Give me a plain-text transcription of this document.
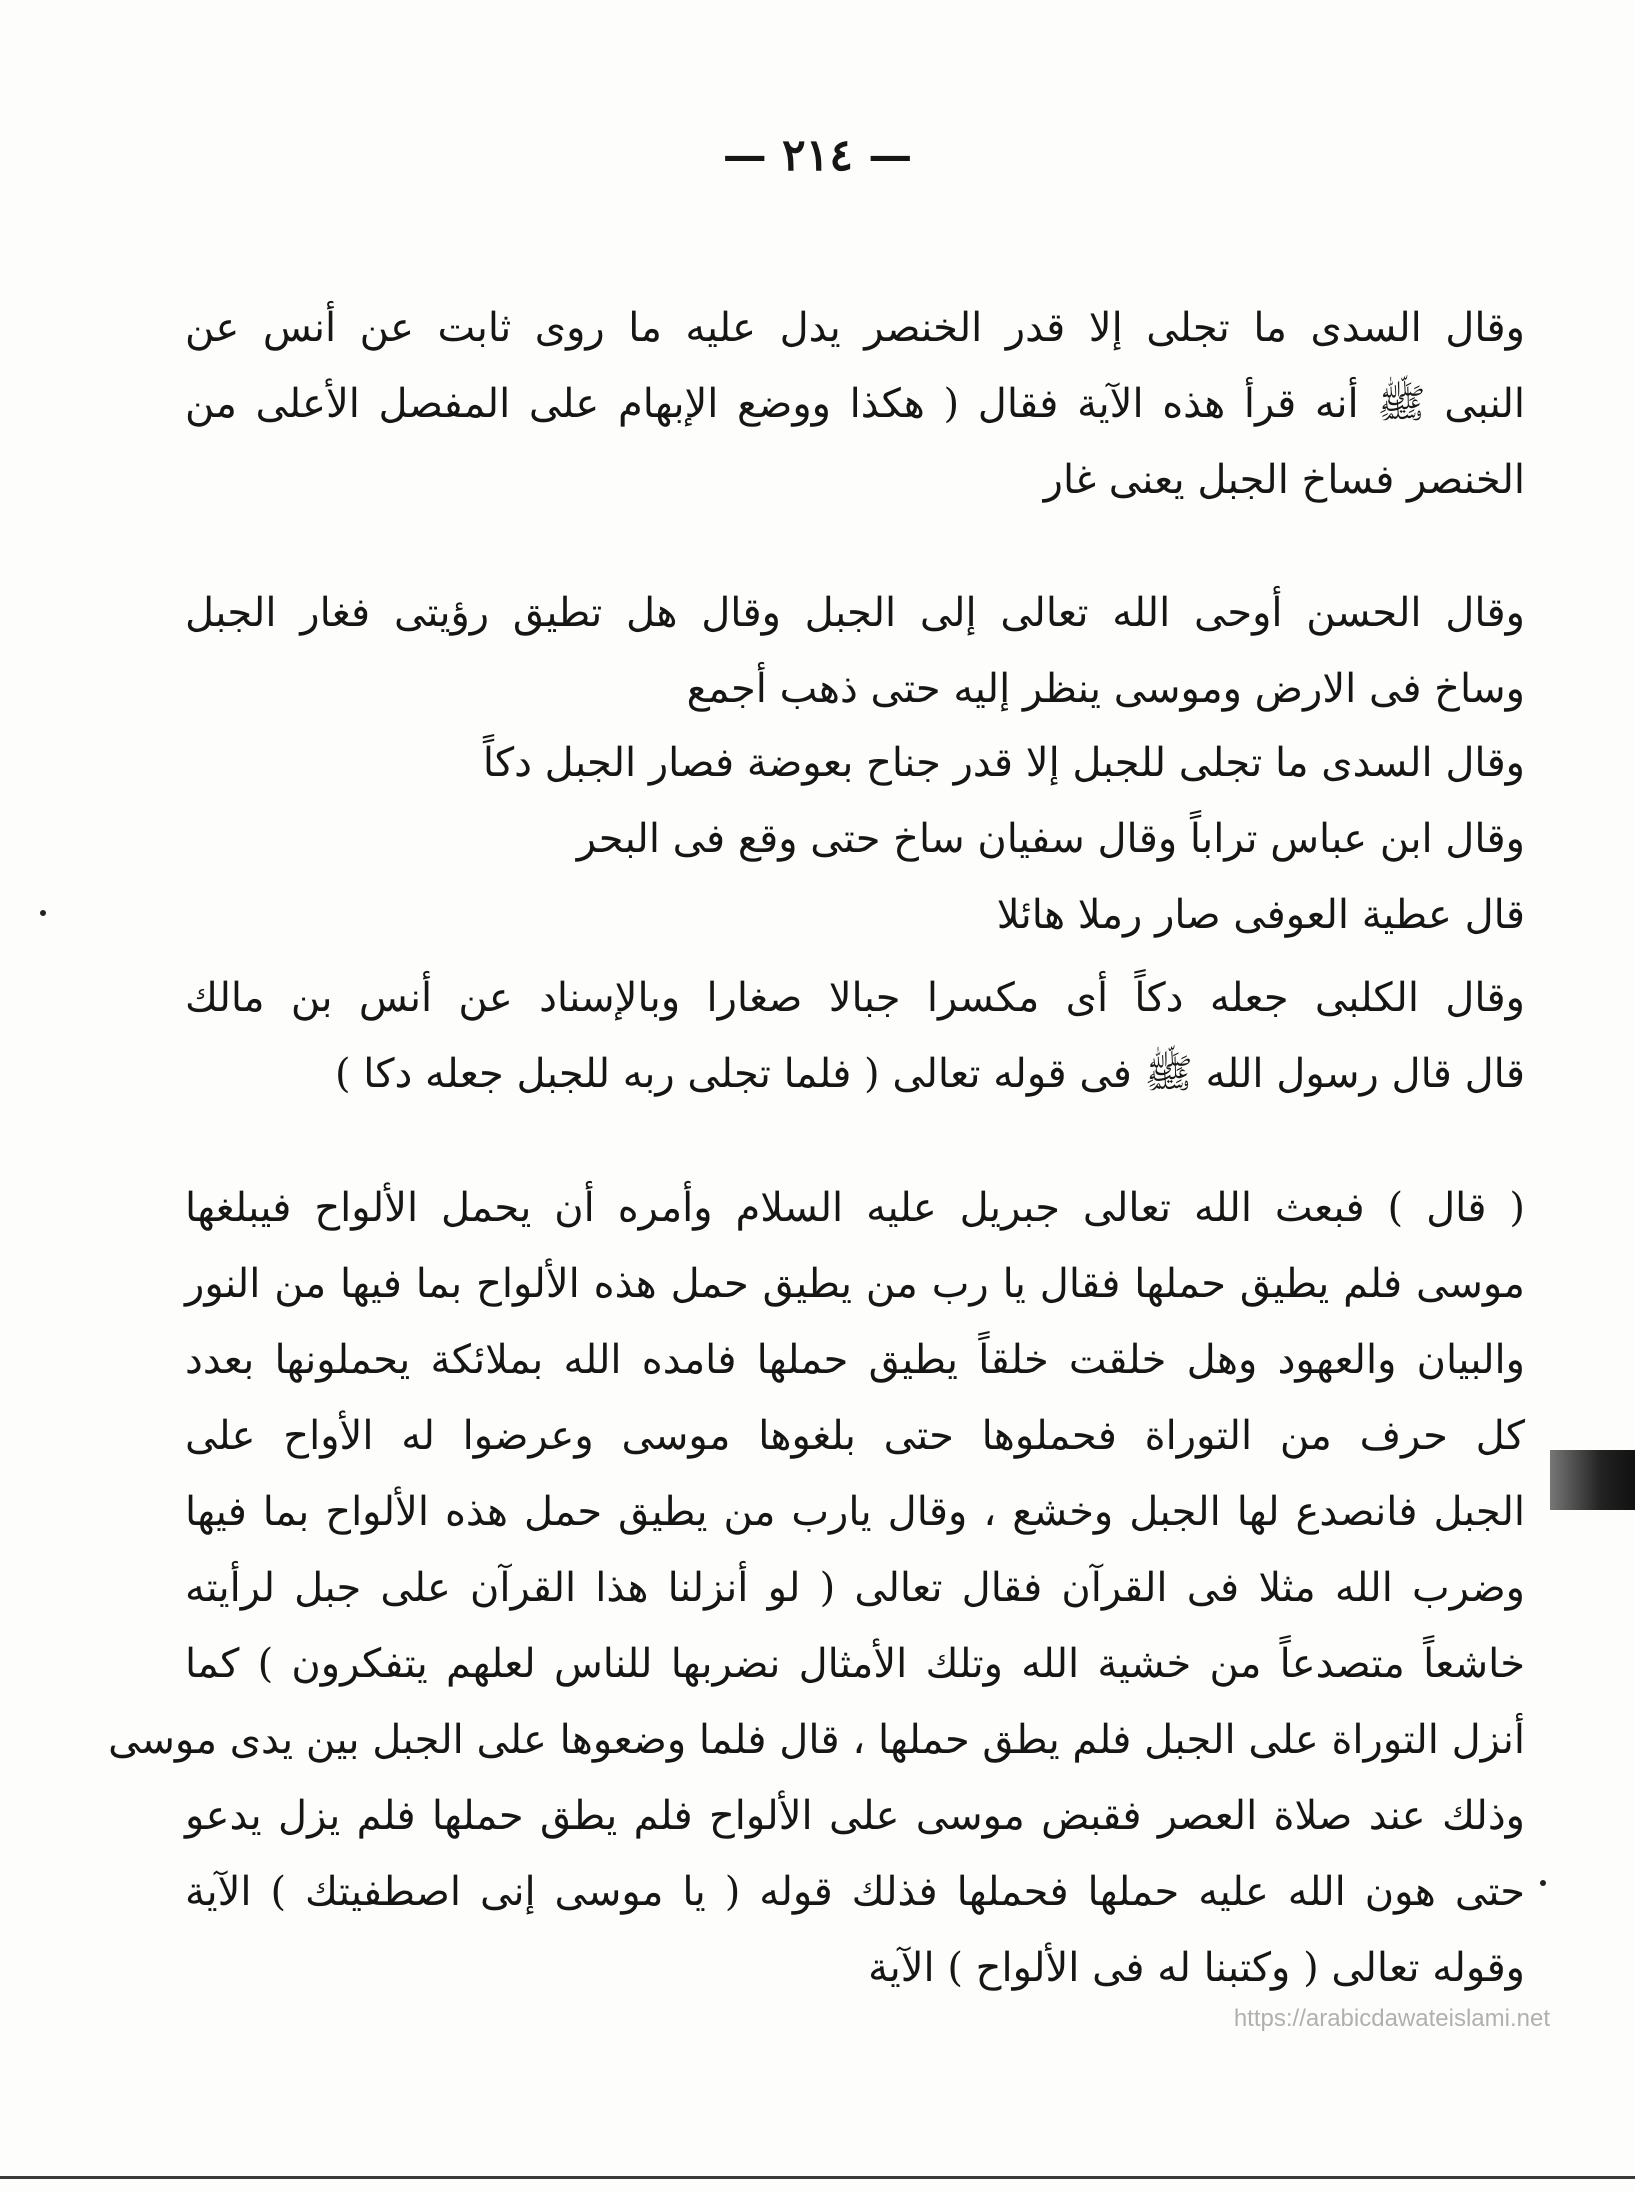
— ٢١٤ —
وقال السدى ما تجلى إلا قدر الخنصر يدل عليه ما روى ثابت عن أنس عن
النبى ﷺ أنه قرأ هذه الآية فقال ( هكذا ووضع الإبهام على المفصل الأعلى من
الخنصر فساخ الجبل يعنى غار
وقال الحسن أوحى الله تعالى إلى الجبل وقال هل تطيق رؤيتى فغار الجبل
وساخ فى الارض وموسى ينظر إليه حتى ذهب أجمع
وقال السدى ما تجلى للجبل إلا قدر جناح بعوضة فصار الجبل دكاً
وقال ابن عباس تراباً وقال سفيان ساخ حتى وقع فى البحر
قال عطية العوفى صار رملا هائلا
وقال الكلبى جعله دكاً أى مكسرا جبالا صغارا وبالإسناد عن أنس بن مالك
قال قال رسول الله ﷺ فى قوله تعالى ( فلما تجلى ربه للجبل جعله دكا )
( قال ) فبعث الله تعالى جبريل عليه السلام وأمره أن يحمل الألواح فيبلغها
موسى فلم يطيق حملها فقال يا رب من يطيق حمل هذه الألواح بما فيها من النور
والبيان والعهود وهل خلقت خلقاً يطيق حملها فامده الله بملائكة يحملونها بعدد
كل حرف من التوراة فحملوها حتى بلغوها موسى وعرضوا له الأواح على
الجبل فانصدع لها الجبل وخشع ، وقال يارب من يطيق حمل هذه الألواح بما فيها
وضرب الله مثلا فى القرآن فقال تعالى ( لو أنزلنا هذا القرآن على جبل لرأيته
خاشعاً متصدعاً من خشية الله وتلك الأمثال نضربها للناس لعلهم يتفكرون ) كما
أنزل التوراة على الجبل فلم يطق حملها ، قال فلما وضعوها على الجبل بين يدى موسى
وذلك عند صلاة العصر فقبض موسى على الألواح فلم يطق حملها فلم يزل يدعو
حتى هون الله عليه حملها فحملها فذلك قوله ( يا موسى إنى اصطفيتك ) الآية
وقوله تعالى ( وكتبنا له فى الألواح ) الآية
https://arabicdawateislami.net
